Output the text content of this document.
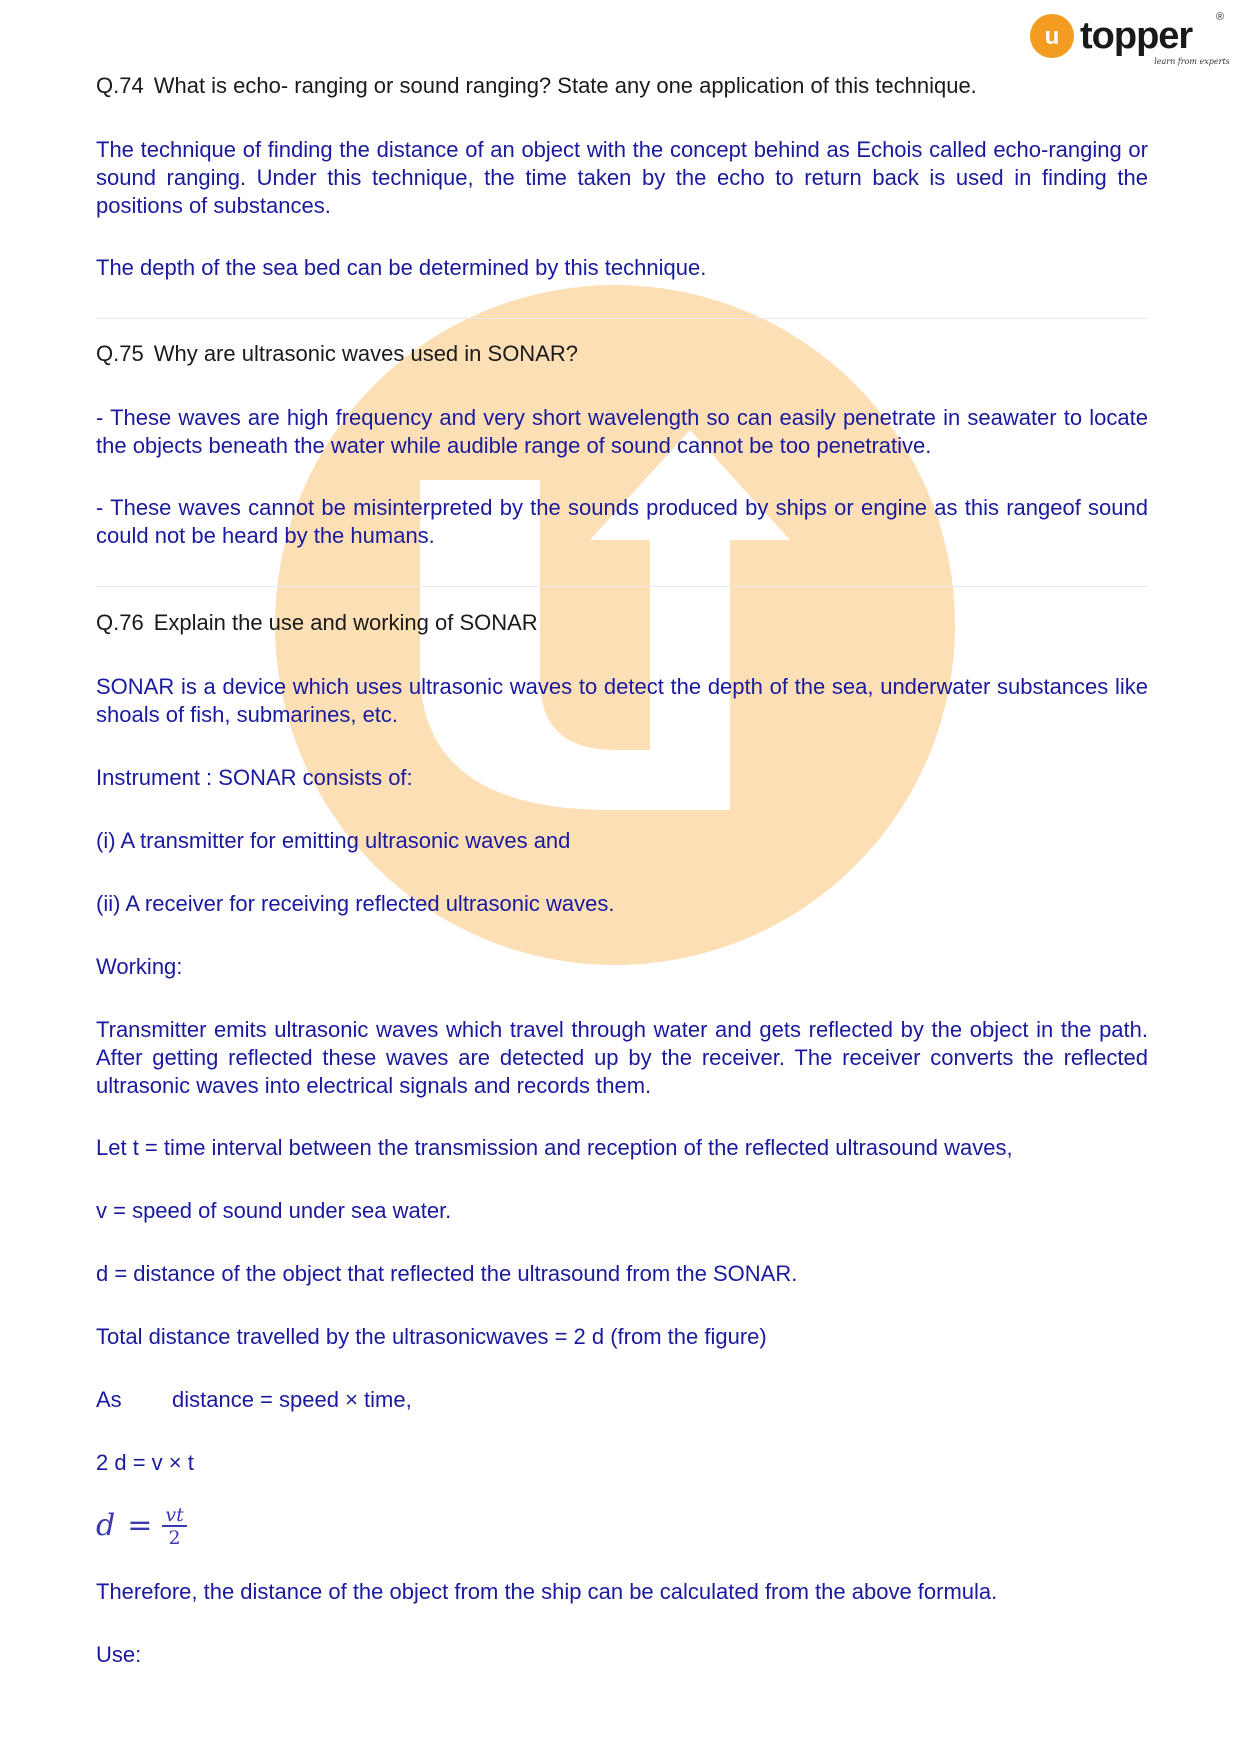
u topper
learn from experts
®
Q.74 What is echo- ranging or sound ranging? State any one application of this technique.
The technique of finding the distance of an object with the concept behind as Echois called echo-ranging or sound ranging. Under this technique, the time taken by the echo to return back is used in finding the positions of substances.
The depth of the sea bed can be determined by this technique.
Q.75 Why are ultrasonic waves used in SONAR?
- These waves are high frequency and very short wavelength so can easily penetrate in seawater to locate the objects beneath the water while audible range of sound cannot be too penetrative.
- These waves cannot be misinterpreted by the sounds produced by ships or engine as this rangeof sound could not be heard by the humans.
Q.76 Explain the use and working of SONAR
SONAR is a device which uses ultrasonic waves to detect the depth of the sea, underwater substances like shoals of fish, submarines, etc.
Instrument : SONAR consists of:
(i) A transmitter for emitting ultrasonic waves and
(ii) A receiver for receiving reflected ultrasonic waves.
Working:
Transmitter emits ultrasonic waves which travel through water and gets reflected by the object in the path. After getting reflected these waves are detected up by the receiver. The receiver converts the reflected ultrasonic waves into electrical signals and records them.
Let t = time interval between the transmission and reception of the reflected ultrasound waves,
v = speed of sound under sea water.
d = distance of the object that reflected the ultrasound from the SONAR.
Total distance travelled by the ultrasonicwaves = 2 d (from the figure)
As distance = speed × time,
2 d = v × t
$d = \frac{vt}{2}$
Therefore, the distance of the object from the ship can be calculated from the above formula.
Use:
